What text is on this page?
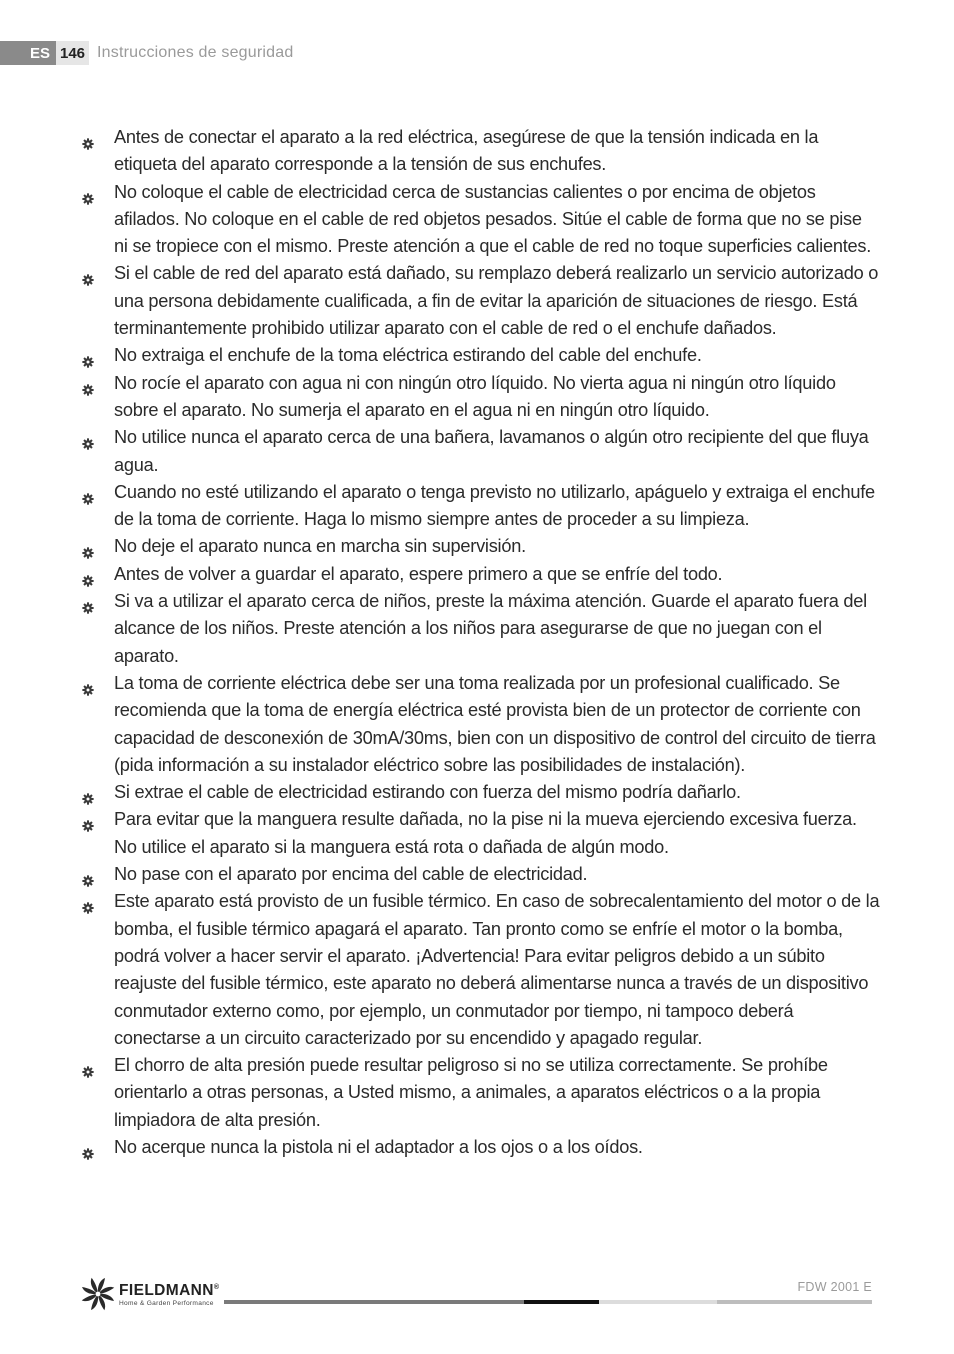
ES 146 Instrucciones de seguridad
Antes de conectar el aparato a la red eléctrica, asegúrese de que la tensión indicada en la etiqueta del aparato corresponde a la tensión de sus enchufes.
No coloque el cable de electricidad cerca de sustancias calientes o por encima de objetos afilados. No coloque en el cable de red objetos pesados. Sitúe el cable de forma que no se pise ni se tropiece con el mismo. Preste atención a que el cable de red no toque superficies calientes.
Si el cable de red del aparato está dañado, su remplazo deberá realizarlo un servicio autorizado o una persona debidamente cualificada, a fin de evitar la aparición de situaciones de riesgo. Está terminantemente prohibido utilizar aparato con el cable de red o el enchufe dañados.
No extraiga el enchufe de la toma eléctrica estirando del cable del enchufe.
No rocíe el aparato con agua ni con ningún otro líquido. No vierta agua ni ningún otro líquido sobre el aparato. No sumerja el aparato en el agua ni en ningún otro líquido.
No utilice nunca el aparato cerca de una bañera, lavamanos o algún otro recipiente del que fluya agua.
Cuando no esté utilizando el aparato o tenga previsto no utilizarlo, apáguelo y extraiga el enchufe de la toma de corriente. Haga lo mismo siempre antes de proceder a su limpieza.
No deje el aparato nunca en marcha sin supervisión.
Antes de volver a guardar el aparato, espere primero a que se enfríe del todo.
Si va a utilizar el aparato cerca de niños, preste la máxima atención. Guarde el aparato fuera del alcance de los niños. Preste atención a los niños para asegurarse de que no juegan con el aparato.
La toma de corriente eléctrica debe ser una toma realizada por un profesional cualificado. Se recomienda que la toma de energía eléctrica esté provista bien de un protector de corriente con capacidad de desconexión de 30mA/30ms, bien con un dispositivo de control del circuito de tierra (pida información a su instalador eléctrico sobre las posibilidades de instalación).
Si extrae el cable de electricidad estirando con fuerza del mismo podría dañarlo.
Para evitar que la manguera resulte dañada, no la pise ni la mueva ejerciendo excesiva fuerza. No utilice el aparato si la manguera está rota o dañada de algún modo.
No pase con el aparato por encima del cable de electricidad.
Este aparato está provisto de un fusible térmico. En caso de sobrecalentamiento del motor o de la bomba, el fusible térmico apagará el aparato. Tan pronto como se enfríe el motor o la bomba, podrá volver a hacer servir el aparato. ¡Advertencia! Para evitar peligros debido a un súbito reajuste del fusible térmico, este aparato no deberá alimentarse nunca a través de un dispositivo conmutador externo como, por ejemplo, un conmutador por tiempo, ni tampoco deberá conectarse a un circuito caracterizado por su encendido y apagado regular.
El chorro de alta presión puede resultar peligroso si no se utiliza correctamente. Se prohíbe orientarlo a otras personas, a Usted mismo, a animales, a aparatos eléctricos o a la propia limpiadora de alta presión.
No acerque nunca la pistola ni el adaptador a los ojos o a los oídos.
FIELDMANN®
Home & Garden Performance
FDW 2001 E
